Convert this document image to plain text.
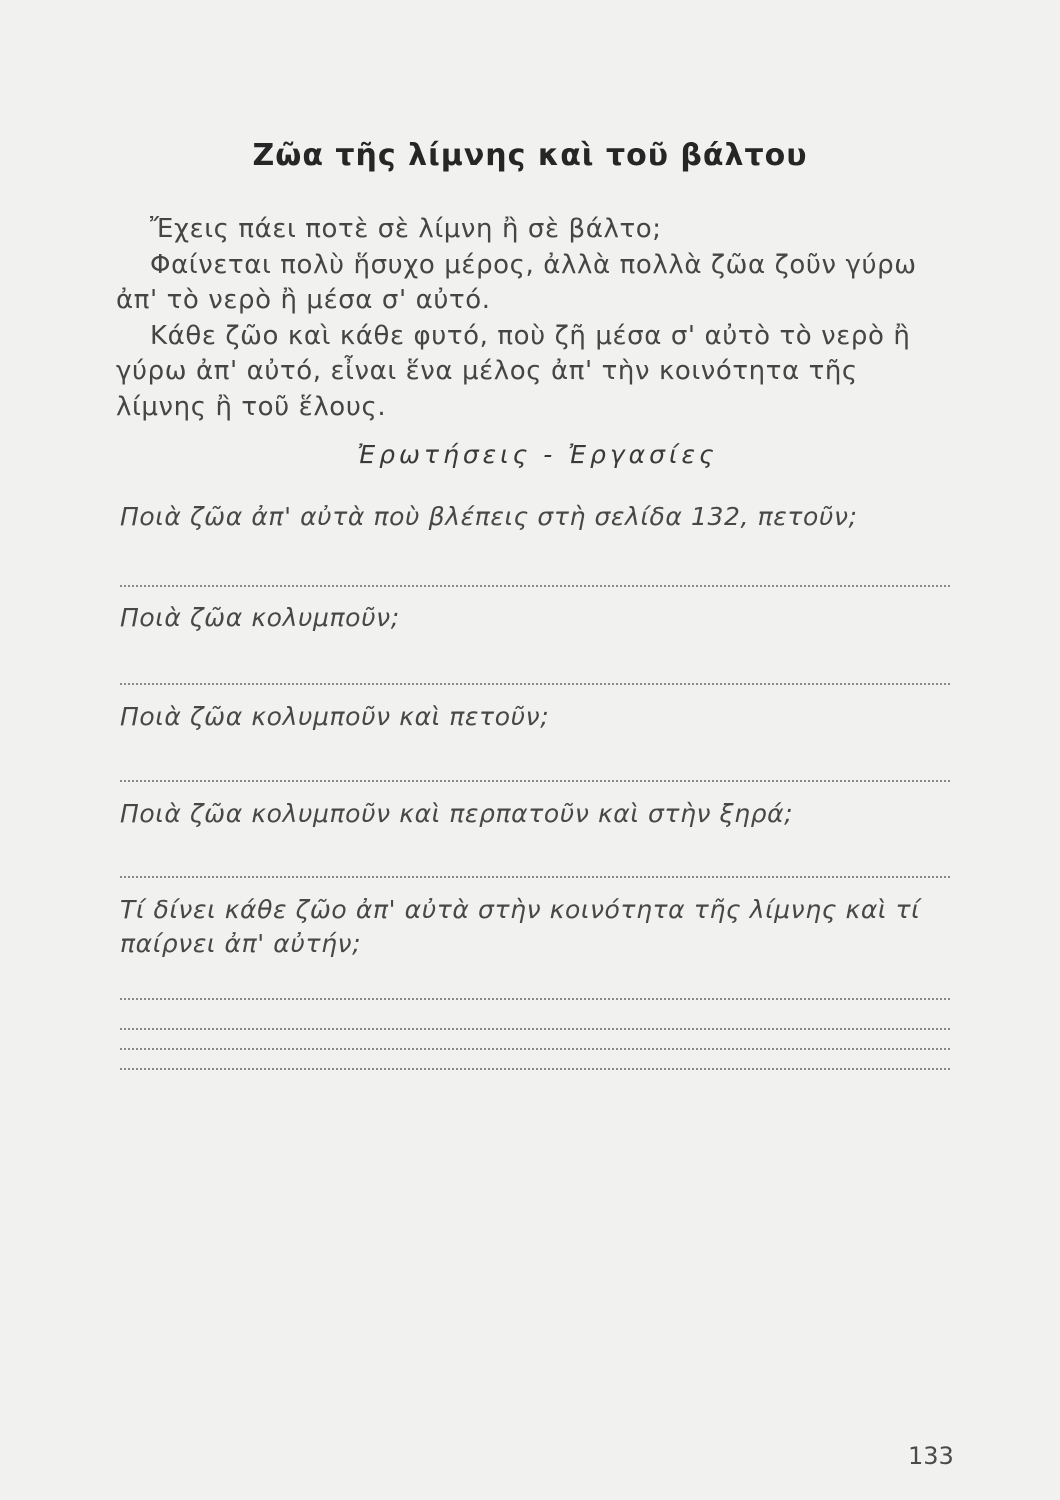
Ζῶα τῆς λίμνης καὶ τοῦ βάλτου

Ἔχεις πάει ποτὲ σὲ λίμνη ἢ σὲ βάλτο;

Φαίνεται πολὺ ἥσυχο μέρος, ἀλλὰ πολλὰ ζῶα ζοῦν γύρω ἀπ' τὸ νερὸ ἢ μέσα σ' αὐτό.

Κάθε ζῶο καὶ κάθε φυτό, ποὺ ζῆ μέσα σ' αὐτὸ τὸ νερὸ ἢ γύρω ἀπ' αὐτό, εἶναι ἕνα μέλος ἀπ' τὴν κοινότητα τῆς λίμνης ἢ τοῦ ἕλους.

Ἐρωτήσεις - Ἐργασίες
Ποιὰ ζῶα ἀπ' αὐτὰ ποὺ βλέπεις στὴ σελίδα 132, πετοῦν;
Ποιὰ ζῶα κολυμποῦν;
Ποιὰ ζῶα κολυμποῦν καὶ πετοῦν;
Ποιὰ ζῶα κολυμποῦν καὶ περπατοῦν καὶ στὴν ξηρά;
Τί δίνει κάθε ζῶο ἀπ' αὐτὰ στὴν κοινότητα τῆς λίμνης καὶ τί παίρνει ἀπ' αὐτήν;
133
